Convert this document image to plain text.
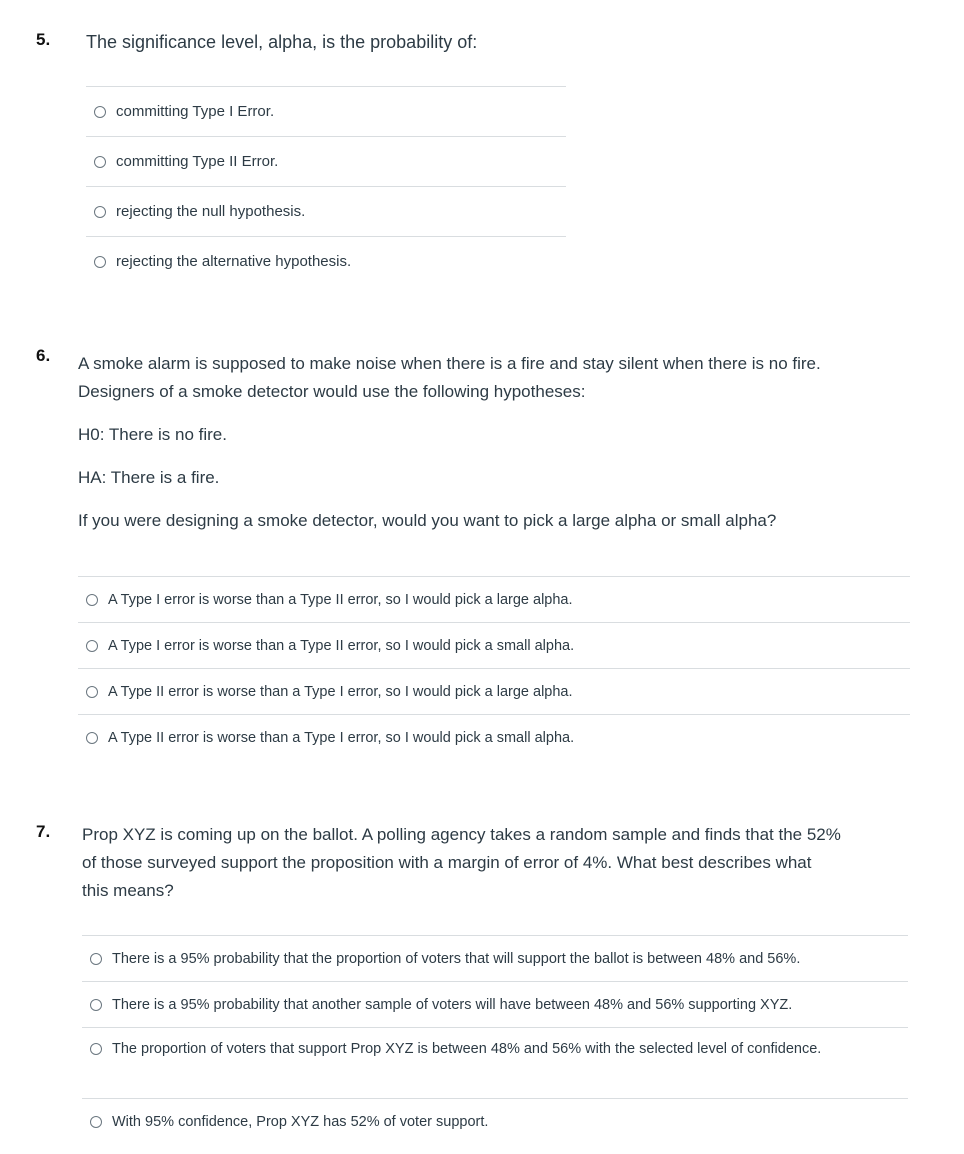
5. The significance level, alpha, is the probability of:

committing Type I Error.
committing Type II Error.
rejecting the null hypothesis.
rejecting the alternative hypothesis.
6. A smoke alarm is supposed to make noise when there is a fire and stay silent when there is no fire.

Designers of a smoke detector would use the following hypotheses:

H0: There is no fire.

HA: There is a fire.

If you were designing a smoke detector, would you want to pick a large alpha or small alpha?

A Type I error is worse than a Type II error, so I would pick a large alpha.
A Type I error is worse than a Type II error, so I would pick a small alpha.
A Type II error is worse than a Type I error, so I would pick a large alpha.
A Type II error is worse than a Type I error, so I would pick a small alpha.
7. Prop XYZ is coming up on the ballot. A polling agency takes a random sample and finds that the 52%

of those surveyed support the proposition with a margin of error of 4%. What best describes what

this means?

There is a 95% probability that the proportion of voters that will support the ballot is between 48% and 56%.
There is a 95% probability that another sample of voters will have between 48% and 56% supporting XYZ.
The proportion of voters that support Prop XYZ is between 48% and 56% with the selected level of confidence.
With 95% confidence, Prop XYZ has 52% of voter support.
